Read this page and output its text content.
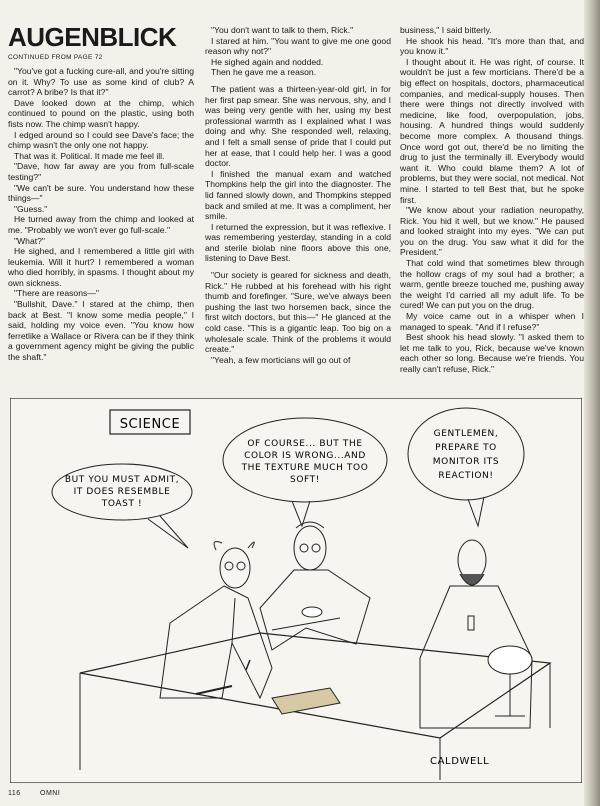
AUGENBLICK
CONTINUED FROM PAGE 72

"You've got a fucking cure-all, and you're sitting on it. Why? To use as some kind of club? A carrot? A bribe? Is that it?"

Dave looked down at the chimp, which continued to pound on the plastic, using both fists now. The chimp wasn't happy.

I edged around so I could see Dave's face; the chimp wasn't the only one not happy.

That was it. Political. It made me feel ill.

"Dave, how far away are you from full-scale testing?"

"We can't be sure. You understand how these things—"

"Guess."

He turned away from the chimp and looked at me. "Probably we won't ever go full-scale."

"What?"

He sighed, and I remembered a little girl with leukemia. Will it hurt? I remembered a woman who died horribly, in spasms. I thought about my own sickness.

"There are reasons—"

"Bullshit, Dave." I stared at the chimp, then back at Best. "I know some media people," I said, holding my voice even. "You know how ferretlike a Wallace or Rivera can be if they think a government agency might be giving the public the shaft."

"You don't want to talk to them, Rick."

I stared at him. "You want to give me one good reason why not?"

He sighed again and nodded.

Then he gave me a reason.

The patient was a thirteen-year-old girl, in for her first pap smear. She was nervous, shy, and I was being very gentle with her, using my best professional warmth as I explained what I was doing and why. She responded well, relaxing, and I felt a small sense of pride that I could put her at ease, that I could help her. I was a good doctor.

I finished the manual exam and watched Thompkins help the girl into the diagnoster. The lid fanned slowly down, and Thompkins stepped back and smiled at me. It was a compliment, her smile.

I returned the expression, but it was reflexive. I was remembering yesterday, standing in a cold and sterile biolab nine floors above this one, listening to Dave Best.

"Our society is geared for sickness and death, Rick." He rubbed at his forehead with his right thumb and forefinger. "Sure, we've always been pushing the last two horsemen back, since the first witch doctors, but this—" He glanced at the cold case. "This is a gigantic leap. Too big on a wholesale scale. Think of the problems it would create."

"Yeah, a few morticians will go out of

business," I said bitterly.

He shook his head. "It's more than that, and you know it."

I thought about it. He was right, of course. It wouldn't be just a few morticians. There'd be a big effect on hospitals, doctors, pharmaceutical companies, and medical-supply houses. Then there were things not directly involved with medicine, like food, overpopulation, jobs, housing. A hundred things would suddenly become more complex. A thousand things. Once word got out, there'd be no limiting the drug to just the terminally ill. Everybody would want it. Who could blame them? A lot of problems, but they were social, not medical. Not mine. I started to tell Best that, but he spoke first.

"We know about your radiation neuropathy, Rick. You hid it well, but we know." He paused and looked straight into my eyes. "We can put you on the drug. You saw what it did for the President."

That cold wind that sometimes blew through the hollow crags of my soul had a brother; a warm, gentle breeze touched me, pushing away the weight I'd carried all my adult life. To be cured! We can put you on the drug.

My voice came out in a whisper when I managed to speak. "And if I refuse?"

Best shook his head slowly. "I asked them to let me talk to you, Rick, because we've known each other so long. Because we're friends. You really can't refuse, Rick."

SCIENCE
BUT YOU MUST ADMIT,
IT DOES RESEMBLE
TOAST !
OF COURSE... BUT THE
COLOR IS WRONG...AND
THE TEXTURE MUCH TOO
SOFT!
GENTLEMEN,
PREPARE TO
MONITOR ITS
REACTION!
CALDWELL
116	OMNI
